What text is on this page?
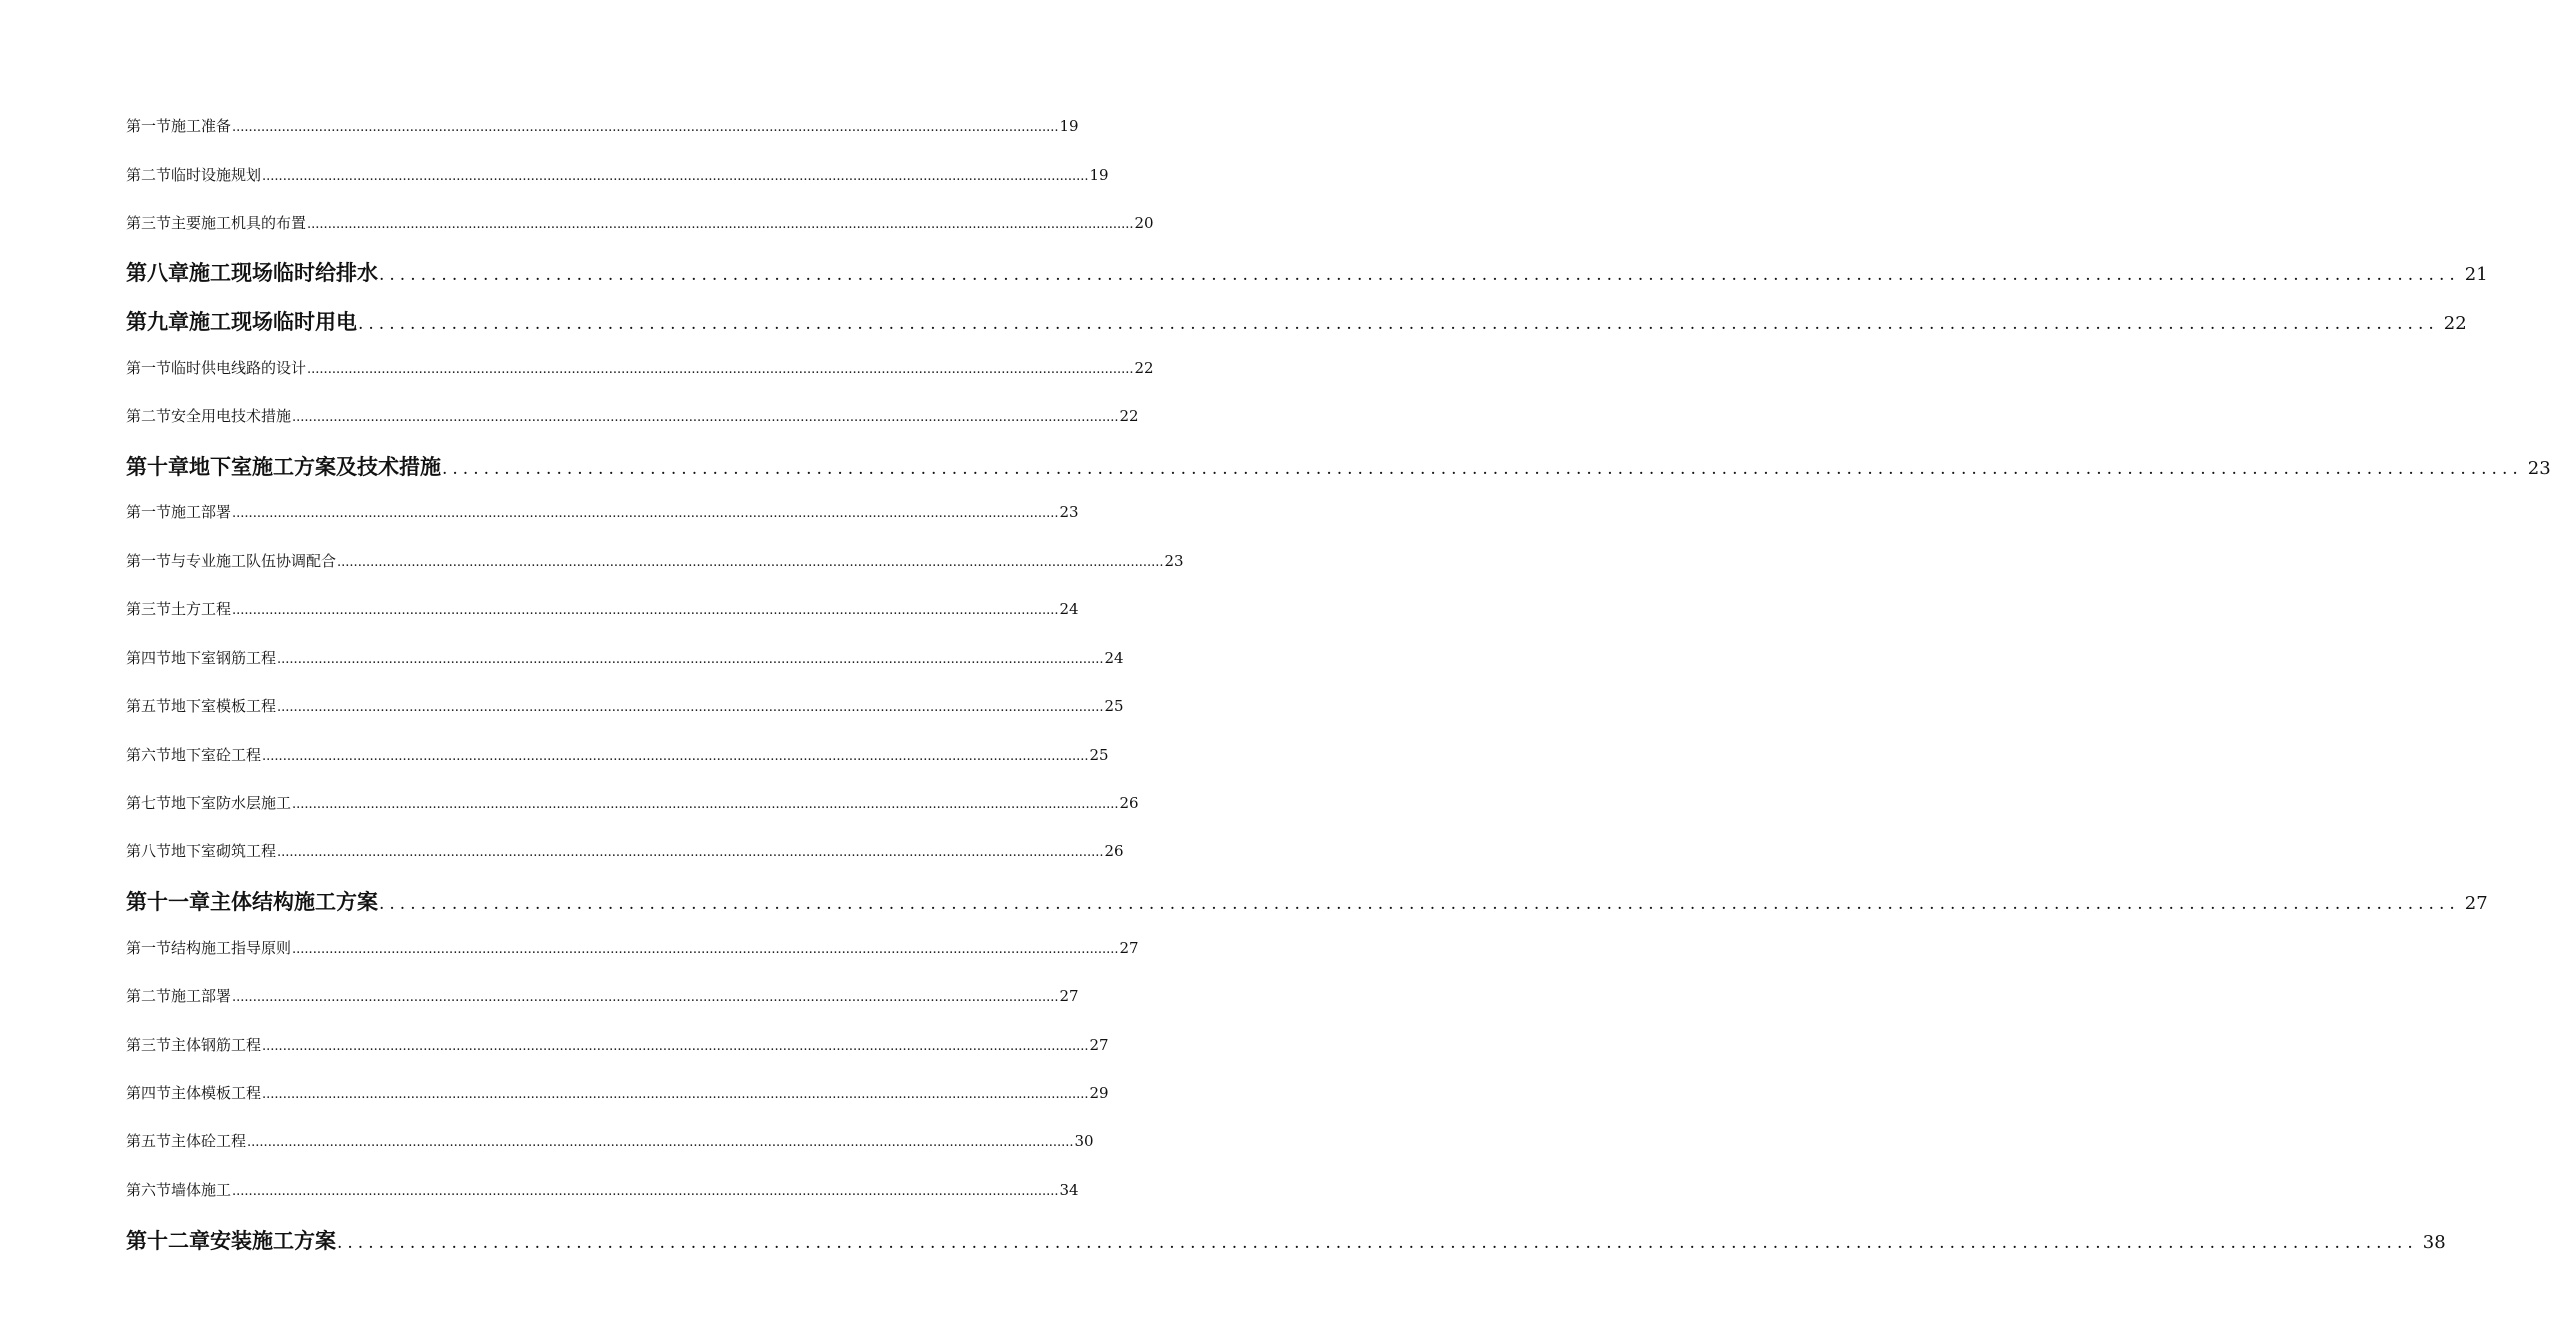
第一节 施工准备 ........................................................................................................................................................................................................ 19
第二节 临时设施规划 ........................................................................................................................................................................................................ 19
第三节 主要施工机具的布置 ........................................................................................................................................................................................................ 20
第八章 施工现场临时给排水 ........................................................................................................................................................................................................ 21
第九章 施工现场临时用电 ........................................................................................................................................................................................................ 22
第一节 临时供电线路的设计 ........................................................................................................................................................................................................ 22
第二节 安全用电技术措施 ........................................................................................................................................................................................................ 22
第十章 地下室施工方案及技术措施 ........................................................................................................................................................................................................ 23
第一节 施工部署 ........................................................................................................................................................................................................ 23
第一节 与专业施工队伍协调配合 ........................................................................................................................................................................................................ 23
第三节 土方工程 ........................................................................................................................................................................................................ 24
第四节 地下室钢筋工程 ........................................................................................................................................................................................................ 24
第五节 地下室模板工程 ........................................................................................................................................................................................................ 25
第六节 地下室砼工程 ........................................................................................................................................................................................................ 25
第七节 地下室防水层施工 ........................................................................................................................................................................................................ 26
第八节 地下室砌筑工程 ........................................................................................................................................................................................................ 26
第十一章 主体结构施工方案 ........................................................................................................................................................................................................ 27
第一节 结构施工指导原则 ........................................................................................................................................................................................................ 27
第二节 施工部署 ........................................................................................................................................................................................................ 27
第三节 主体钢筋工程 ........................................................................................................................................................................................................ 27
第四节 主体模板工程 ........................................................................................................................................................................................................ 29
第五节 主体砼工程 ........................................................................................................................................................................................................ 30
第六节 墙体施工 ........................................................................................................................................................................................................ 34
第十二章 安装施工方案 ........................................................................................................................................................................................................ 38
